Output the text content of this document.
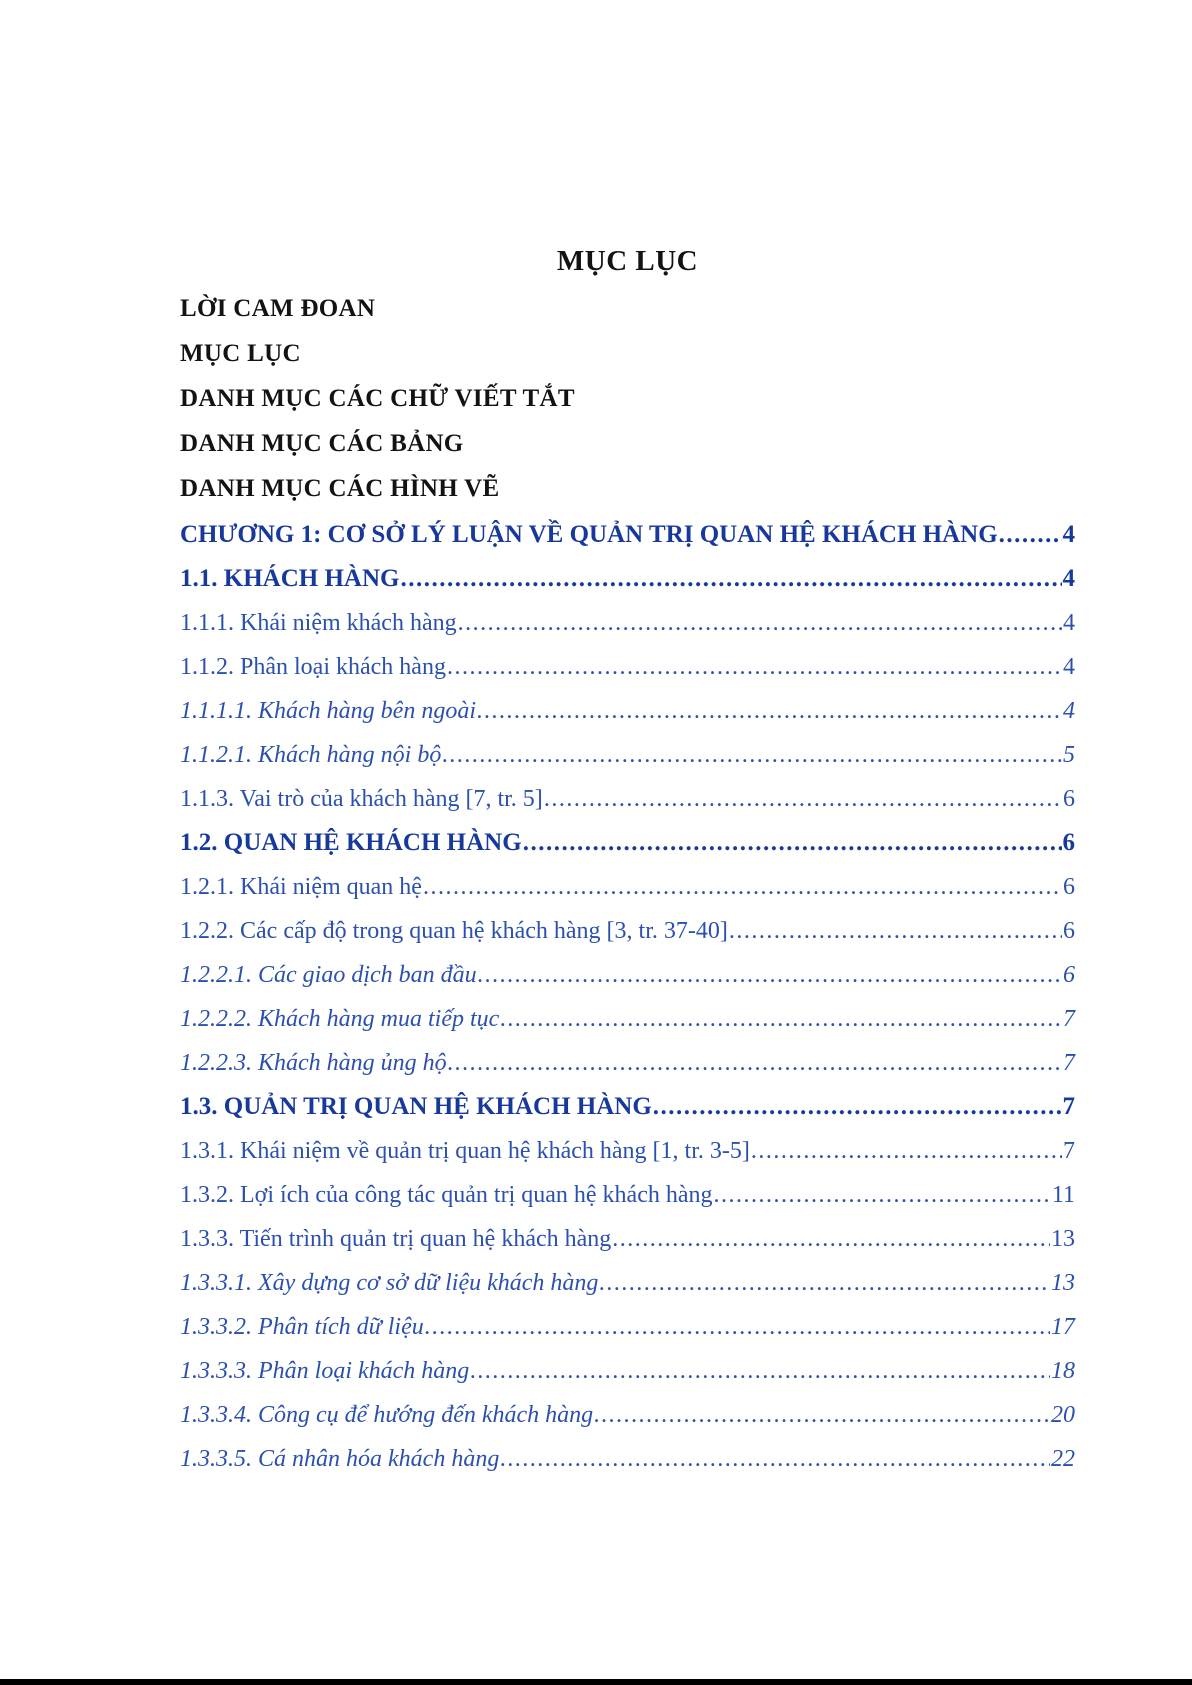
MỤC LỤC
LỜI CAM ĐOAN
MỤC LỤC
DANH MỤC CÁC CHỮ VIẾT TẮT
DANH MỤC CÁC BẢNG
DANH MỤC CÁC HÌNH VẼ
CHƯƠNG 1: CƠ SỞ LÝ LUẬN VỀ QUẢN TRỊ QUAN HỆ KHÁCH HÀNG .....	4
1.1. KHÁCH HÀNG .....	4
1.1.1. Khái niệm khách hàng .....	4
1.1.2. Phân loại khách hàng .....	4
1.1.1.1. Khách hàng bên ngoài .....	4
1.1.2.1. Khách hàng nội bộ .....	5
1.1.3. Vai trò của khách hàng [7, tr. 5] .....	6
1.2. QUAN HỆ KHÁCH HÀNG .....	6
1.2.1. Khái niệm quan hệ .....	6
1.2.2. Các cấp độ trong quan hệ khách hàng [3, tr. 37-40] .....	6
1.2.2.1. Các giao dịch ban đầu .....	6
1.2.2.2. Khách hàng mua tiếp tục .....	7
1.2.2.3. Khách hàng ủng hộ .....	7
1.3. QUẢN TRỊ QUAN HỆ KHÁCH HÀNG .....	7
1.3.1. Khái niệm về quản trị quan hệ khách hàng [1, tr. 3-5] .....	7
1.3.2. Lợi ích của công tác quản trị quan hệ khách hàng .....	11
1.3.3. Tiến trình quản trị quan hệ khách hàng .....	13
1.3.3.1. Xây dựng cơ sở dữ liệu khách hàng .....	13
1.3.3.2. Phân tích dữ liệu .....	17
1.3.3.3. Phân loại khách hàng .....	18
1.3.3.4. Công cụ để hướng đến khách hàng .....	20
1.3.3.5. Cá nhân hóa khách hàng .....	22
